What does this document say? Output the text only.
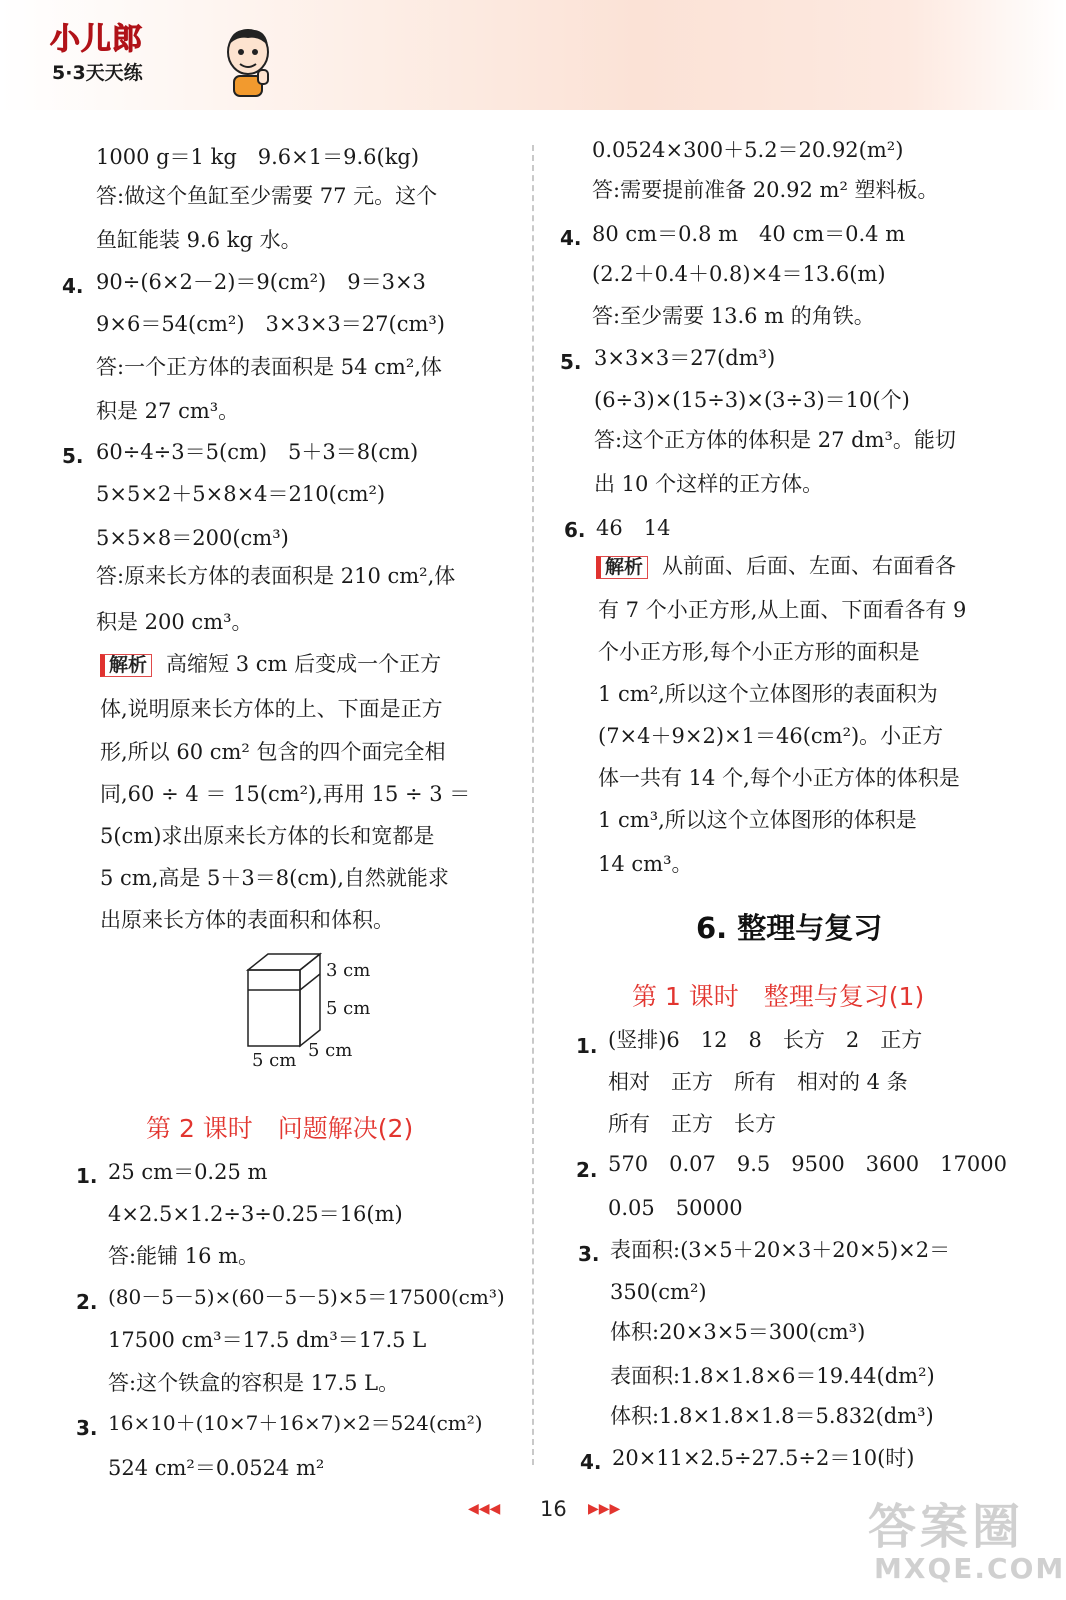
小儿郎
5·3天天练
1000 g＝1 kg　9.6×1＝9.6(kg)
答:做这个鱼缸至少需要 77 元。这个
鱼缸能装 9.6 kg 水。
4. 90÷(6×2－2)＝9(cm²)　9＝3×3
9×6＝54(cm²)　3×3×3＝27(cm³)
答:一个正方体的表面积是 54 cm²,体
积是 27 cm³。
5. 60÷4÷3＝5(cm)　5＋3＝8(cm)
5×5×2＋5×8×4＝210(cm²)
5×5×8＝200(cm³)
答:原来长方体的表面积是 210 cm²,体
积是 200 cm³。
解析 高缩短 3 cm 后变成一个正方
体,说明原来长方体的上、下面是正方
形,所以 60 cm² 包含的四个面完全相
同,60 ÷ 4 ＝ 15(cm²),再用 15 ÷ 3 ＝
5(cm)求出原来长方体的长和宽都是
5 cm,高是 5＋3＝8(cm),自然就能求
出原来长方体的表面积和体积。
3 cm
5 cm
5 cm
5 cm
第 2 课时　问题解决(2)
1. 25 cm＝0.25 m
4×2.5×1.2÷3÷0.25＝16(m)
答:能铺 16 m。
2. (80－5－5)×(60－5－5)×5＝17500(cm³)
17500 cm³＝17.5 dm³＝17.5 L
答:这个铁盒的容积是 17.5 L。
3. 16×10＋(10×7＋16×7)×2＝524(cm²)
524 cm²＝0.0524 m²
0.0524×300＋5.2＝20.92(m²)
答:需要提前准备 20.92 m² 塑料板。
4. 80 cm＝0.8 m　40 cm＝0.4 m
(2.2＋0.4＋0.8)×4＝13.6(m)
答:至少需要 13.6 m 的角铁。
5. 3×3×3＝27(dm³)
(6÷3)×(15÷3)×(3÷3)＝10(个)
答:这个正方体的体积是 27 dm³。能切
出 10 个这样的正方体。
6. 46　14
解析 从前面、后面、左面、右面看各
有 7 个小正方形,从上面、下面看各有 9
个小正方形,每个小正方形的面积是
1 cm²,所以这个立体图形的表面积为
(7×4＋9×2)×1＝46(cm²)。小正方
体一共有 14 个,每个小正方体的体积是
1 cm³,所以这个立体图形的体积是
14 cm³。
6. 整理与复习
第 1 课时　整理与复习(1)
1. (竖排)6　12　8　长方　2　正方
相对　正方　所有　相对的 4 条
所有　正方　长方
2. 570　0.07　9.5　9500　3600　17000
0.05　50000
3. 表面积:(3×5＋20×3＋20×5)×2＝
350(cm²)
体积:20×3×5＝300(cm³)
表面积:1.8×1.8×6＝19.44(dm²)
体积:1.8×1.8×1.8＝5.832(dm³)
4. 20×11×2.5÷27.5÷2＝10(时)
◀◀◀ 16 ▶▶▶	答案圈
MXQE.COM
